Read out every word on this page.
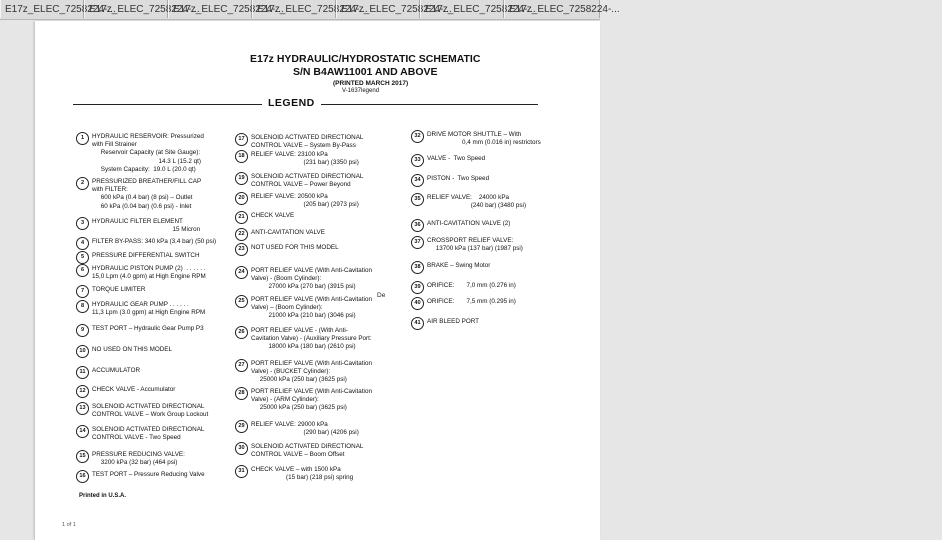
E17z_ELEC_7258224-...
E17z_ELEC_7258224-...
E17z_ELEC_7258224-...
E17z_ELEC_7258224-...
E17z_ELEC_7258224-...
E17z_ELEC_7258224-...
E17z_ELEC_7258224-...
E17z HYDRAULIC/HYDROSTATIC SCHEMATIC
S/N B4AW11001 AND ABOVE
(PRINTED MARCH 2017)
V-1637legend
LEGEND
1	HYDRAULIC RESERVOIR: Pressurized
with Fill Strainer
Reservoir Capacity (at Site Gauge):
14.3 L (15.2 qt)
System Capacity:  19.0 L (20.0 qt)
2	PRESSURIZED BREATHER/FILL CAP
with FILTER:
600 kPa (0.4 bar) (8 psi) – Outlet
60 kPa (0.04 bar) (0.6 psi) - Inlet
3	HYDRAULIC FILTER ELEMENT
15 Micron
4	FILTER BY-PASS: 340 kPa (3.4 bar) (50 psi)
5	PRESSURE DIFFERENTIAL SWITCH
6	HYDRAULIC PISTON PUMP (2)  . . . . . .
15,0 Lpm (4.0 gpm) at High Engine RPM
7	TORQUE LIMITER
8	HYDRAULIC GEAR PUMP . . . . . .
11,3 Lpm (3.0 gpm) at High Engine RPM
9	TEST PORT – Hydraulic Gear Pump P3
10	NO USED ON THIS MODEL
11	ACCUMULATOR
12	CHECK VALVE - Accumulator
13	SOLENOID ACTIVATED DIRECTIONAL
CONTROL VALVE – Work Group Lockout
14	SOLENOID ACTIVATED DIRECTIONAL
CONTROL VALVE - Two Speed
15	PRESSURE REDUCING VALVE:
3200 kPa (32 bar) (464 psi)
16	TEST PORT – Pressure Reducing Valve
17	SOLENOID ACTIVATED DIRECTIONAL
CONTROL VALVE – System By-Pass
18	RELIEF VALVE: 23100 kPa
(231 bar) (3350 psi)
19	SOLENOID ACTIVATED DIRECTIONAL
CONTROL VALVE – Power Beyond
20	RELIEF VALVE: 20500 kPa
(205 bar) (2973 psi)
21	CHECK VALVE
22	ANTI-CAVITATION VALVE
23	NOT USED FOR THIS MODEL
24	PORT RELIEF VALVE (With Anti-Cavitation
Valve) - (Boom Cylinder):
27000 kPa (270 bar) (3915 psi)
25	PORT RELIEF VALVE (With Anti-Cavitation
Valve) – (Boom Cylinder):
21000 kPa (210 bar) (3046 psi)
26	PORT RELIEF VALVE - (With Anti-
Cavitation Valve) - (Auxiliary Pressure Port:
18000 kPa (180 bar) (2610 psi)
27	PORT RELIEF VALVE (With Anti-Cavitation
Valve) - (BUCKET Cylinder):
25000 kPa (250 bar) (3625 psi)
28	PORT RELIEF VALVE (With Anti-Cavitation
Valve) - (ARM Cylinder):
25000 kPa (250 bar) (3625 psi)
29	RELIEF VALVE: 29000 kPa
(290 bar) (4206 psi)
30	SOLENOID ACTIVATED DIRECTIONAL
CONTROL VALVE – Boom Offset
31	CHECK VALVE – with 1500 kPa
(15 bar) (218 psi) spring
32	DRIVE MOTOR SHUTTLE – With
0,4 mm (0.016 in) restrictors
33	VALVE -  Two Speed
34	PISTON -  Two Speed
35	RELIEF VALVE:    24000 kPa
(240 bar) (3480 psi)
36	ANTI-CAVITATION VALVE (2)
37	CROSSPORT RELIEF VALVE:
13700 kPa (137 bar) (1987 psi)
38	BRAKE – Swing Motor
39	ORIFICE:       7,0 mm (0.276 in)
40	ORIFICE:       7,5 mm (0.295 in)
41	AIR BLEED PORT
De
Printed in U.S.A.
1 of 1
